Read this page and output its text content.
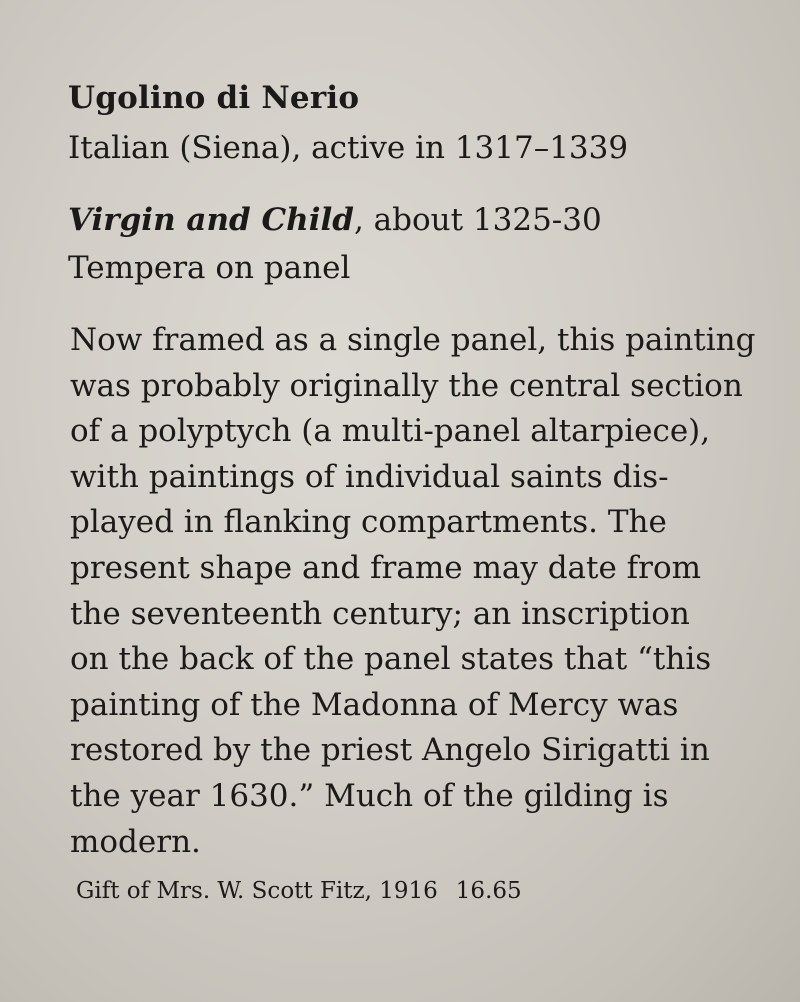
Ugolino di Nerio
Italian (Siena), active in 1317–1339
Virgin and Child, about 1325-30
Tempera on panel
Now framed as a single panel, this painting
was probably originally the central section
of a polyptych (a multi-panel altarpiece),
with paintings of individual saints dis-
played in flanking compartments. The
present shape and frame may date from
the seventeenth century; an inscription
on the back of the panel states that “this
painting of the Madonna of Mercy was
restored by the priest Angelo Sirigatti in
the year 1630.” Much of the gilding is
modern.
Gift of Mrs. W. Scott Fitz, 1916 16.65
